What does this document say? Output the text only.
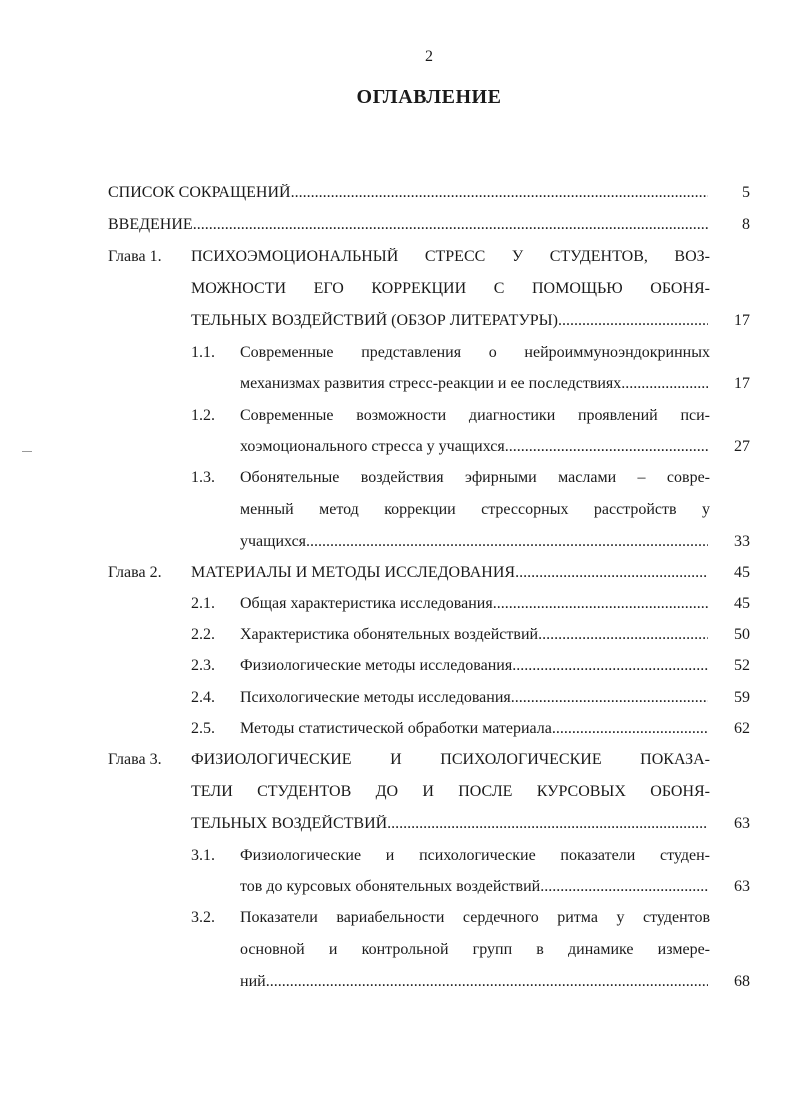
2
ОГЛАВЛЕНИЕ
СПИСОК СОКРАЩЕНИЙ .....	5
ВВЕДЕНИЕ .....	8
Глава 1. ПСИХОЭМОЦИОНАЛЬНЫЙ СТРЕСС У СТУДЕНТОВ, ВОЗ-
МОЖНОСТИ ЕГО КОРРЕКЦИИ С ПОМОЩЬЮ ОБОНЯ-
ТЕЛЬНЫХ ВОЗДЕЙСТВИЙ (ОБЗОР ЛИТЕРАТУРЫ) .....	17
1.1. Современные представления о нейроиммуноэндокринных
механизмах развития стресс-реакции и ее последствиях .....	17
1.2. Современные возможности диагностики проявлений пси-
хоэмоционального стресса у учащихся .....	27
1.3. Обонятельные воздействия эфирными маслами – совре-
менный метод коррекции стрессорных расстройств у
учащихся .....	33
Глава 2. МАТЕРИАЛЫ И МЕТОДЫ ИССЛЕДОВАНИЯ .....	45
2.1. Общая характеристика исследования .....	45
2.2. Характеристика обонятельных воздействий .....	50
2.3. Физиологические методы исследования .....	52
2.4. Психологические методы исследования .....	59
2.5. Методы статистической обработки материала .....	62
Глава 3. ФИЗИОЛОГИЧЕСКИЕ И ПСИХОЛОГИЧЕСКИЕ ПОКАЗА-
ТЕЛИ СТУДЕНТОВ ДО И ПОСЛЕ КУРСОВЫХ ОБОНЯ-
ТЕЛЬНЫХ ВОЗДЕЙСТВИЙ .....	63
3.1. Физиологические и психологические показатели студен-
тов до курсовых обонятельных воздействий .....	63
3.2. Показатели вариабельности сердечного ритма у студентов
основной и контрольной групп в динамике измере-
ний .....	68
